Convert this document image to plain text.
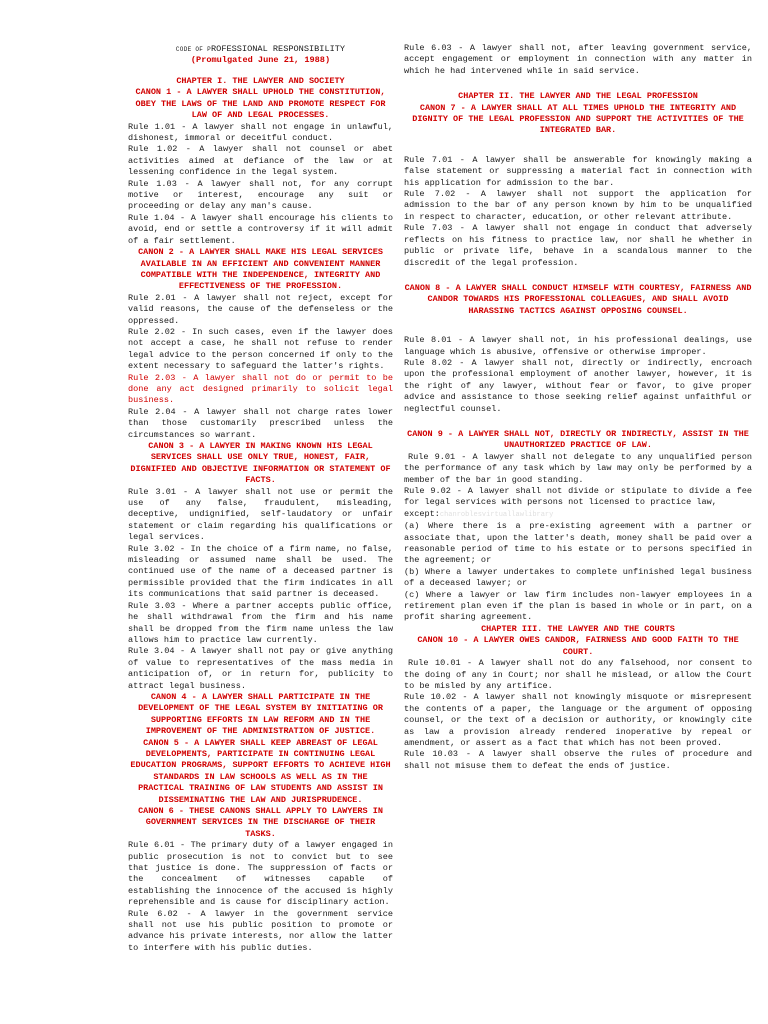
CODE OF PROFESSIONAL RESPONSIBILITY

(Promulgated June 21, 1988)

CHAPTER I. THE LAWYER AND SOCIETY

CANON 1 - A LAWYER SHALL UPHOLD THE CONSTITUTION, OBEY THE LAWS OF THE LAND AND PROMOTE RESPECT FOR LAW OF AND LEGAL PROCESSES.

Rule 1.01 - A lawyer shall not engage in unlawful, dishonest, immoral or deceitful conduct.

Rule 1.02 - A lawyer shall not counsel or abet activities aimed at defiance of the law or at lessening confidence in the legal system.

Rule 1.03 - A lawyer shall not, for any corrupt motive or interest, encourage any suit or proceeding or delay any man's cause.

Rule 1.04 - A lawyer shall encourage his clients to avoid, end or settle a controversy if it will admit of a fair settlement.

CANON 2 - A LAWYER SHALL MAKE HIS LEGAL SERVICES AVAILABLE IN AN EFFICIENT AND CONVENIENT MANNER COMPATIBLE WITH THE INDEPENDENCE, INTEGRITY AND EFFECTIVENESS OF THE PROFESSION.

Rule 2.01 - A lawyer shall not reject, except for valid reasons, the cause of the defenseless or the oppressed.

Rule 2.02 - In such cases, even if the lawyer does not accept a case, he shall not refuse to render legal advice to the person concerned if only to the extent necessary to safeguard the latter's rights.

Rule 2.03 - A lawyer shall not do or permit to be done any act designed primarily to solicit legal business.

Rule 2.04 - A lawyer shall not charge rates lower than those customarily prescribed unless the circumstances so warrant.

CANON 3 - A LAWYER IN MAKING KNOWN HIS LEGAL SERVICES SHALL USE ONLY TRUE, HONEST, FAIR, DIGNIFIED AND OBJECTIVE INFORMATION OR STATEMENT OF FACTS.

Rule 3.01 - A lawyer shall not use or permit the use of any false, fraudulent, misleading, deceptive, undignified, self-laudatory or unfair statement or claim regarding his qualifications or legal services.

Rule 3.02 - In the choice of a firm name, no false, misleading or assumed name shall be used. The continued use of the name of a deceased partner is permissible provided that the firm indicates in all its communications that said partner is deceased.

Rule 3.03 - Where a partner accepts public office, he shall withdrawal from the firm and his name shall be dropped from the firm name unless the law allows him to practice law currently.

Rule 3.04 - A lawyer shall not pay or give anything of value to representatives of the mass media in anticipation of, or in return for, publicity to attract legal business.

CANON 4 - A LAWYER SHALL PARTICIPATE IN THE DEVELOPMENT OF THE LEGAL SYSTEM BY INITIATING OR SUPPORTING EFFORTS IN LAW REFORM AND IN THE IMPROVEMENT OF THE ADMINISTRATION OF JUSTICE.

CANON 5 - A LAWYER SHALL KEEP ABREAST OF LEGAL DEVELOPMENTS, PARTICIPATE IN CONTINUING LEGAL EDUCATION PROGRAMS, SUPPORT EFFORTS TO ACHIEVE HIGH STANDARDS IN LAW SCHOOLS AS WELL AS IN THE PRACTICAL TRAINING OF LAW STUDENTS AND ASSIST IN DISSEMINATING THE LAW AND JURISPRUDENCE.

CANON 6 - THESE CANONS SHALL APPLY TO LAWYERS IN GOVERNMENT SERVICES IN THE DISCHARGE OF THEIR TASKS.

Rule 6.01 - The primary duty of a lawyer engaged in public prosecution is not to convict but to see that justice is done. The suppression of facts or the concealment of witnesses capable of establishing the innocence of the accused is highly reprehensible and is cause for disciplinary action.

Rule 6.02 - A lawyer in the government service shall not use his public position to promote or advance his private interests, nor allow the latter to interfere with his public duties.

Rule 6.03 - A lawyer shall not, after leaving government service, accept engagement or employment in connection with any matter in which he had intervened while in said service.

CHAPTER II. THE LAWYER AND THE LEGAL PROFESSION

CANON 7 - A LAWYER SHALL AT ALL TIMES UPHOLD THE INTEGRITY AND DIGNITY OF THE LEGAL PROFESSION AND SUPPORT THE ACTIVITIES OF THE INTEGRATED BAR.

Rule 7.01 - A lawyer shall be answerable for knowingly making a false statement or suppressing a material fact in connection with his application for admission to the bar.

Rule 7.02 - A lawyer shall not support the application for admission to the bar of any person known by him to be unqualified in respect to character, education, or other relevant attribute.

Rule 7.03 - A lawyer shall not engage in conduct that adversely reflects on his fitness to practice law, nor shall he whether in public or private life, behave in a scandalous manner to the discredit of the legal profession.

CANON 8 - A LAWYER SHALL CONDUCT HIMSELF WITH COURTESY, FAIRNESS AND CANDOR TOWARDS HIS PROFESSIONAL COLLEAGUES, AND SHALL AVOID HARASSING TACTICS AGAINST OPPOSING COUNSEL.

Rule 8.01 - A lawyer shall not, in his professional dealings, use language which is abusive, offensive or otherwise improper.

Rule 8.02 - A lawyer shall not, directly or indirectly, encroach upon the professional employment of another lawyer, however, it is the right of any lawyer, without fear or favor, to give proper advice and assistance to those seeking relief against unfaithful or neglectful counsel.

CANON 9 - A LAWYER SHALL NOT, DIRECTLY OR INDIRECTLY, ASSIST IN THE UNAUTHORIZED PRACTICE OF LAW.

Rule 9.01 - A lawyer shall not delegate to any unqualified person the performance of any task which by law may only be performed by a member of the bar in good standing.

Rule 9.02 - A lawyer shall not divide or stipulate to divide a fee for legal services with persons not licensed to practice law,

except:chanroblesvirtuallawlibrary

(a) Where there is a pre-existing agreement with a partner or associate that, upon the latter's death, money shall be paid over a reasonable period of time to his estate or to persons specified in the agreement; or

(b) Where a lawyer undertakes to complete unfinished legal business of a deceased lawyer; or

(c) Where a lawyer or law firm includes non-lawyer employees in a retirement plan even if the plan is based in whole or in part, on a profit sharing agreement.

CHAPTER III. THE LAWYER AND THE COURTS

CANON 10 - A LAWYER OWES CANDOR, FAIRNESS AND GOOD FAITH TO THE COURT.

Rule 10.01 - A lawyer shall not do any falsehood, nor consent to the doing of any in Court; nor shall he mislead, or allow the Court to be misled by any artifice.

Rule 10.02 - A lawyer shall not knowingly misquote or misrepresent the contents of a paper, the language or the argument of opposing counsel, or the text of a decision or authority, or knowingly cite as law a provision already rendered inoperative by repeal or amendment, or assert as a fact that which has not been proved.

Rule 10.03 - A lawyer shall observe the rules of procedure and shall not misuse them to defeat the ends of justice.
